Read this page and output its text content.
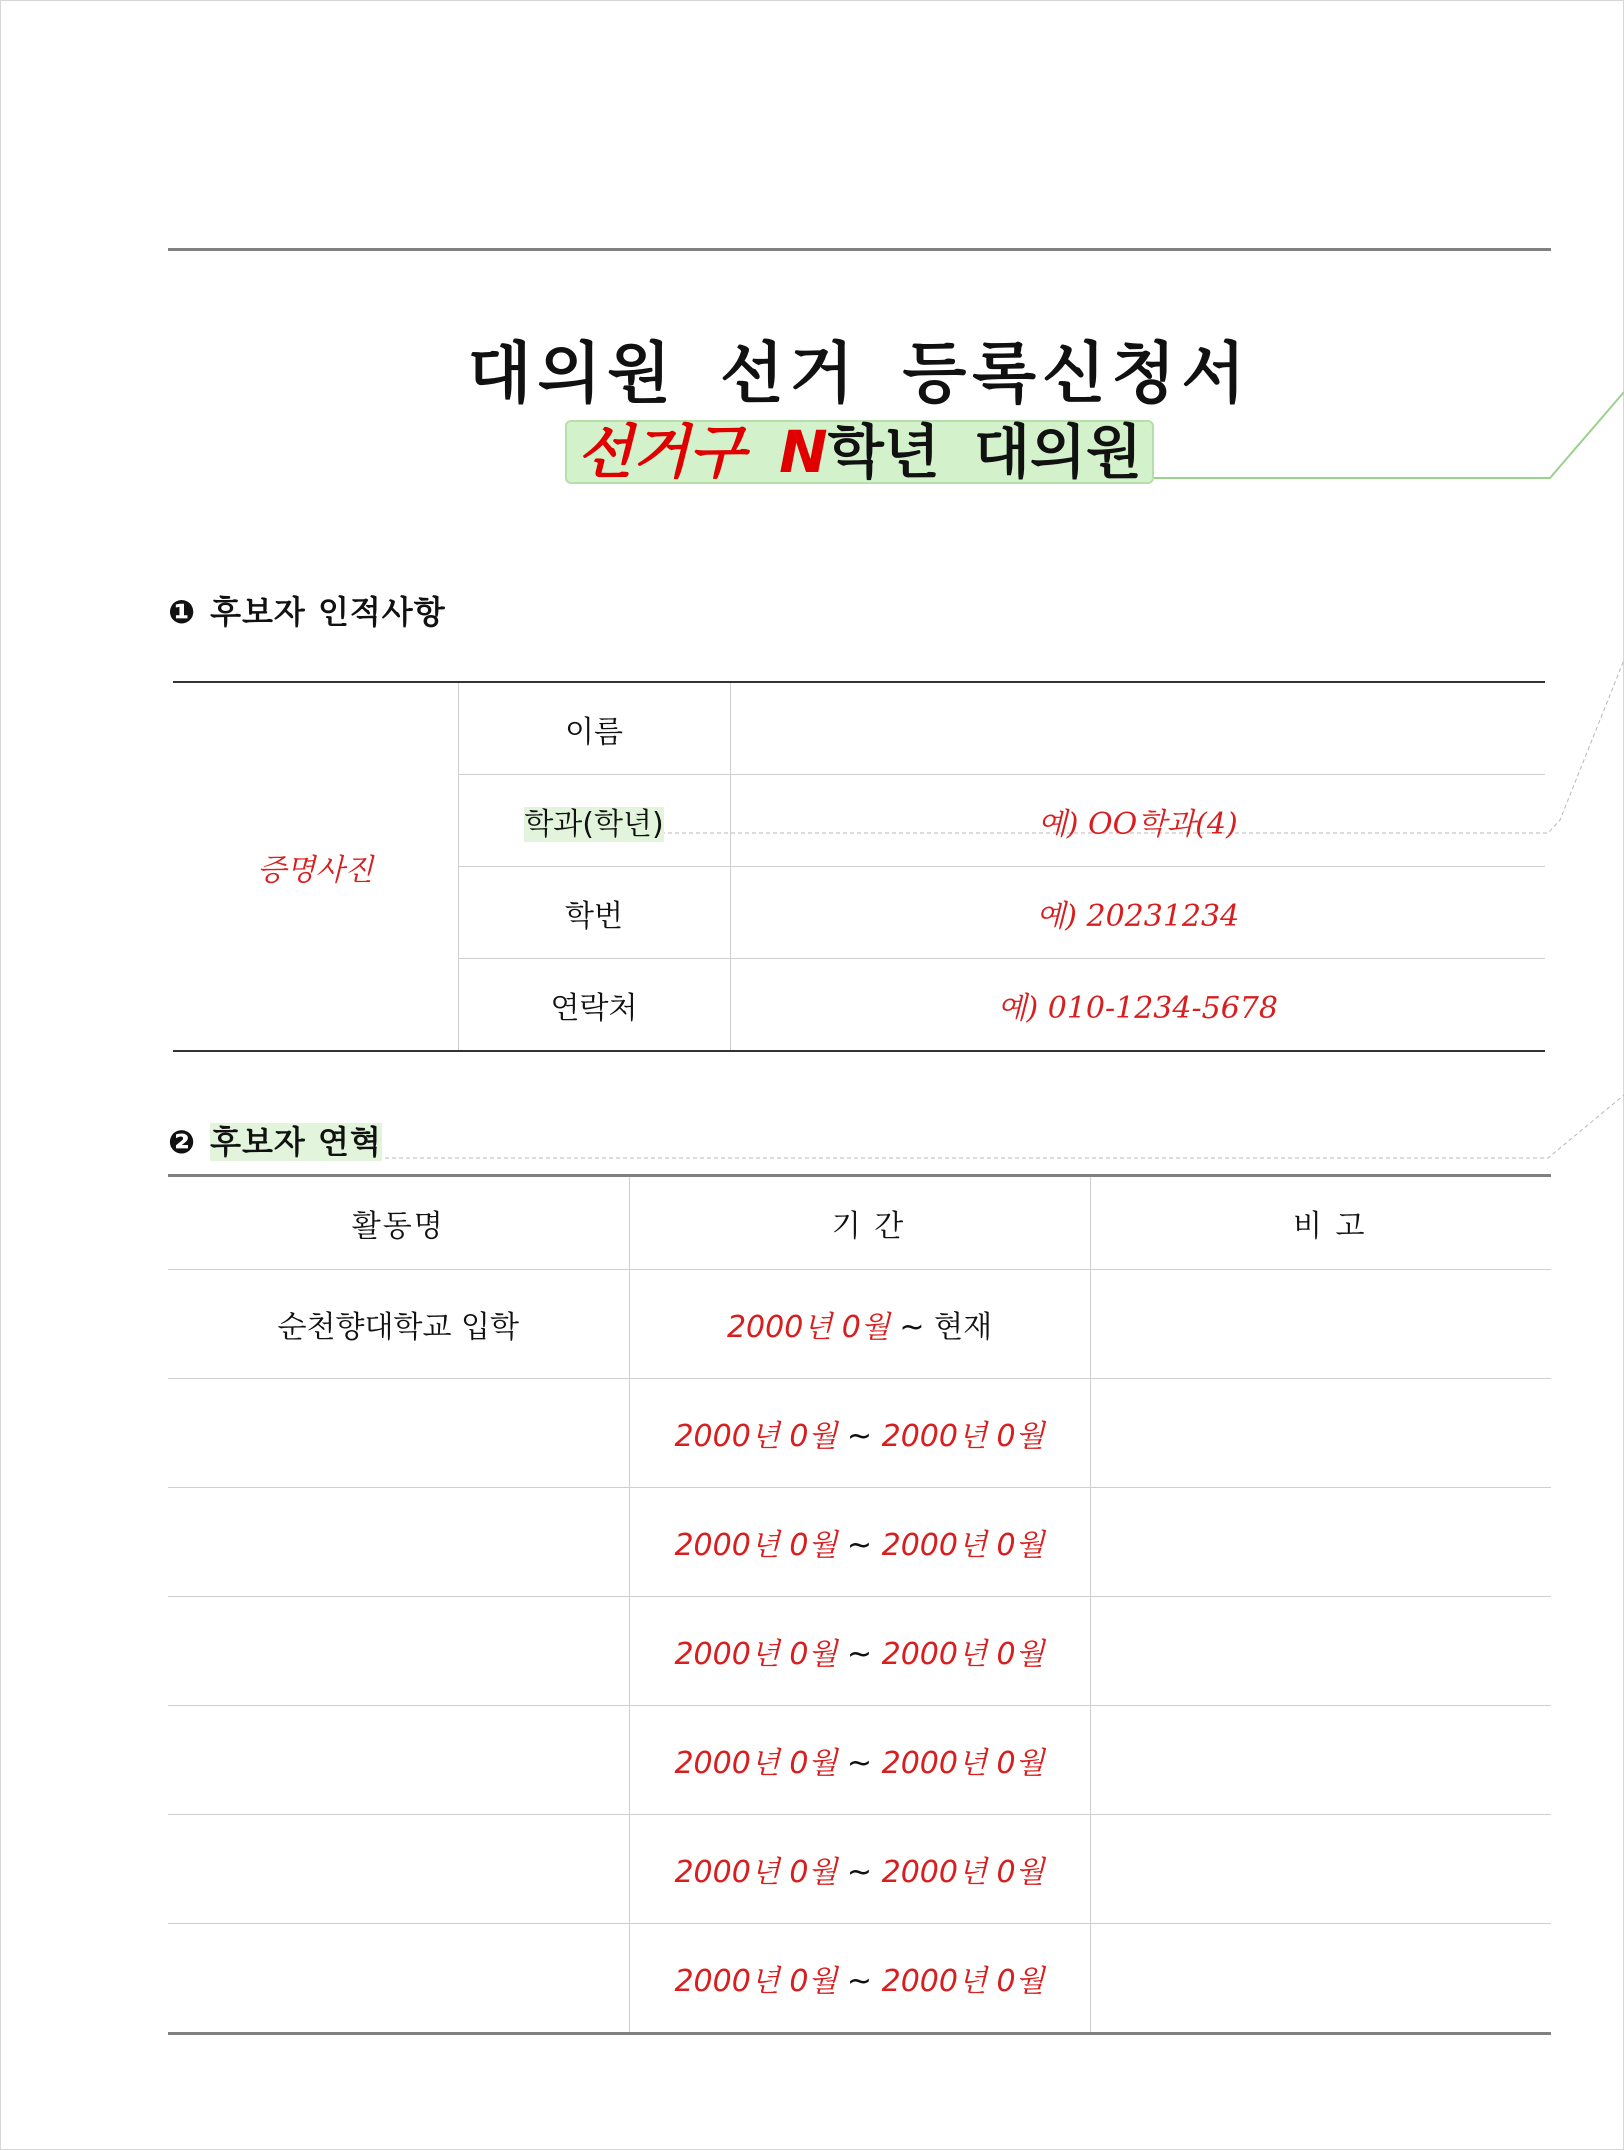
대의원 선거 등록신청서
선거구 N학년 대의원
❶ 후보자 인적사항
증명사진	이름	
	학과(학년)	예) OO학과(4)
	학번	예) 20231234
	연락처	예) 010-1234-5678
❷ 후보자 연혁
활동명	기 간	비 고
순천향대학교 입학	2000년 0월 ~ 현재	
	2000년 0월 ~ 2000년 0월	
	2000년 0월 ~ 2000년 0월	
	2000년 0월 ~ 2000년 0월	
	2000년 0월 ~ 2000년 0월	
	2000년 0월 ~ 2000년 0월	
	2000년 0월 ~ 2000년 0월	
